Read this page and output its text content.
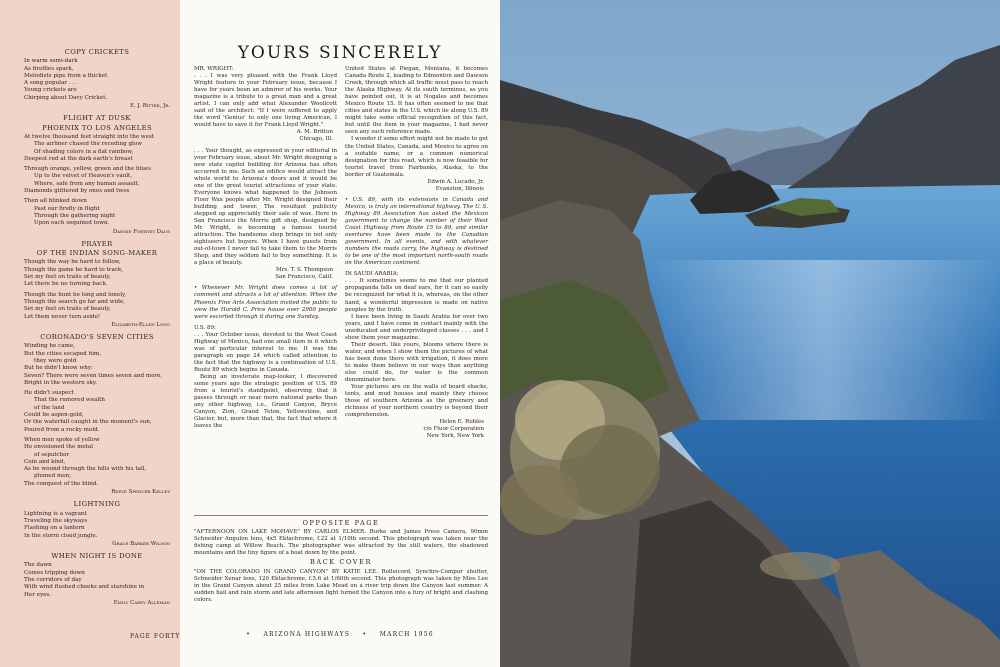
COPY CRICKETS
In warm semi-dark
As fireflies spark,
Melodists pipe from a thicket
A song popular . . .
Young crickets are
Chirping about Davy Cricket.
E. J. Ritter, Jr.
FLIGHT AT DUSK
PHOENIX TO LOS ANGELES
At twelve thousand feet straight into the west
The airliner chased the receding glow
Of shading colors in a flat rainbow,
Deepest red at the dark earth's breast
Through orange, yellow, green and the blues
Up to the velvet of Heaven's vault,
Where, safe from any human assault,
Diamonds glittered by ones and twos
Then all blinked down
Past our firefly in flight
Through the gathering night
Upon each sequined town.
Dannie Fortney Daus
PRAYER
OF THE INDIAN SONG-MAKER
Though the way be hard to follow,
Though the game be hard to track,
Set my feet on trails of beauty,
Let there be no turning back.
Though the hunt be long and lonely,
Though the search go far and wide,
Set my feet on trails of beauty,
Let them never turn aside!
Elizabeth-Ellen Long
CORONADO'S SEVEN CITIES
Winding he came,
But the cities escaped him,
they were gold
But he didn't know why:
Seven? There were seven times seven and more,
Bright in the western sky.
He didn't suspect
That the rumored wealth
of the land
Could be aspen-gold,
Or the waterfall caught in the moment's sun,
Poured from a rocky mold.
When men spoke of yellow
He envisioned the metal
of sepulcher
Coin and kind,
As he wound through the hills with his tall,
plumed men;
The conquest of the blind.
Reeve Spencer Kelley
LIGHTNING
Lightning is a vagrant
Traveling the skyways
Flashing on a lantern
In the storm cloud jungle.
Grace Barker Wilson
WHEN NIGHT IS DONE
The dawn
Comes tripping down
The corridors of day
With wind flushed cheeks and starshine in
Her eyes.
Emily Carey Alleman
PAGE FORTY
YOURS SINCERELY

MR. WRIGHT:

. . . I was very pleased with the Frank Lloyd Wright feature in your February issue, because I have for years been an admirer of his works. Your magazine is a tribute to a great man and a great artist. I can only add what Alexander Woollcott said of the architect: "If I were suffered to apply the word 'Genius' to only one living American, I would have to save it for Frank Lloyd Wright."

A. M. Britton

Chicago, Ill.

. . . Your thought, as expressed in your editorial in your February issue, about Mr. Wright designing a new state capitol building for Arizona has often occurred to me. Such an edifice would attract the whole world to Arizona's doors and it would be one of the great tourist attractions of your state. Everyone knows what happened to the Johnson Floor Wax people after Mr. Wright designed their building and tower. The resultant publicity stepped up appreciably their sale of wax. Here in San Francisco the Morris gift shop, designed by Mr. Wright, is becoming a famous tourist attraction. The handsome shop brings in not only sightseers but buyers. When I have guests from out-of-town I never fail to take them to the Morris Shop, and they seldom fail to buy something. It is a place of beauty.

Mrs. T. S. Thompson

San Francisco, Calif.

• Whenever Mr. Wright does comes a lot of comment and attracts a lot of attention. When the Phoenix Fine Arts Association invited the public to view the Harold C. Price house over 2900 people were escorted through it during one Sunday.

U.S. 89:

. . . Your October issue, devoted to the West Coast Highway of Mexico, had one small item in it which was of particular interest to me. It was the paragraph on page 24 which called attention to the fact that the highway is a continuation of U.S. Route 89 which begins in Canada.

Being an inveterate map-looker, I discovered some years ago the strategic position of U.S. 89 from a tourist's standpoint, observing that it passes through or near more national parks than any other highway, i.e., Grand Canyon, Bryce Canyon, Zion, Grand Teton, Yellowstone, and Glacier, but, more than that, the fact that where it leaves the

United States at Piegan, Montana, it becomes Canada Route 2, leading to Edmonton and Dawson Creek, through which all traffic must pass to reach the Alaska Highway. At its south terminus, as you have pointed out, it is at Nogales and becomes Mexico Route 15. It has often seemed to me that cities and states in the U.S. which lie along U.S. 89 might take some official recognition of this fact, but until the item in your magazine, I had never seen any such reference made.

I wonder if some effort might not be made to get the United States, Canada, and Mexico to agree on a suitable name, or a common numerical designation for this road, which is now feasible for tourist travel from Fairbanks, Alaska, to the border of Guatemala.

Edwin A. Lucado, Jr.

Evanston, Illinois

• U.S. 89, with its extensions in Canada and Mexico, is truly an international highway. The U. S. Highway 89 Association has asked the Mexican government to change the number of their West Coast Highway from Route 15 to 89, and similar overtures have been made to the Canadian government. In all events, and with whatever numbers the roads carry, the highway is destined to be one of the most important north-south roads on the American continent.

IN SAUDI ARABIA:

. . . It sometimes seems to me that our planted propaganda falls on deaf ears, for it can so easily be recognized for what it is, whereas, on the other hand, a wonderful impression is made on native peoples by the truth.

I have been living in Saudi Arabia for over two years, and I have come in contact mainly with the uneducated and underprivileged classes . . . and I show them your magazine.

Their desert, like yours, blooms where there is water, and when I show them the pictures of what has been done there with irrigation, it does more to make them believe in our ways than anything else could do, for water is the common denominator here.

Your pictures are on the walls of board shacks, tents, and mud houses and mainly they choose those of southern Arizona as the greenery and richness of your northern country is beyond their comprehension.

Helen E. Robles

c/o Fluor Corporation

New York, New York

OPPOSITE PAGE

"AFTERNOON ON LAKE MOHAVE" BY CARLOS ELMER. Burke and James Press Camera, 90mm Schneider Angulon lens, 4x5 Ektachrome, f.22 at 1/10th second. This photograph was taken near the fishing camp at Willow Beach. The photographer was attracted by the still waters, the shadowed mountains and the tiny figure of a boat down by the point.

BACK COVER

"ON THE COLORADO IN GRAND CANYON" BY KATIE LEE. Rolleicord, Synchro-Compur shutter, Schneider Xenar lens, 120 Ektachrome, f.5.6 at 1/60th second. This photograph was taken by Miss Lee in the Grand Canyon about 25 miles from Lake Mead on a river trip down the Canyon last summer. A sudden hail and rain storm and late afternoon light turned the Canyon into a fury of bright and clashing colors.

• ARIZONA HIGHWAYS • MARCH 1956
